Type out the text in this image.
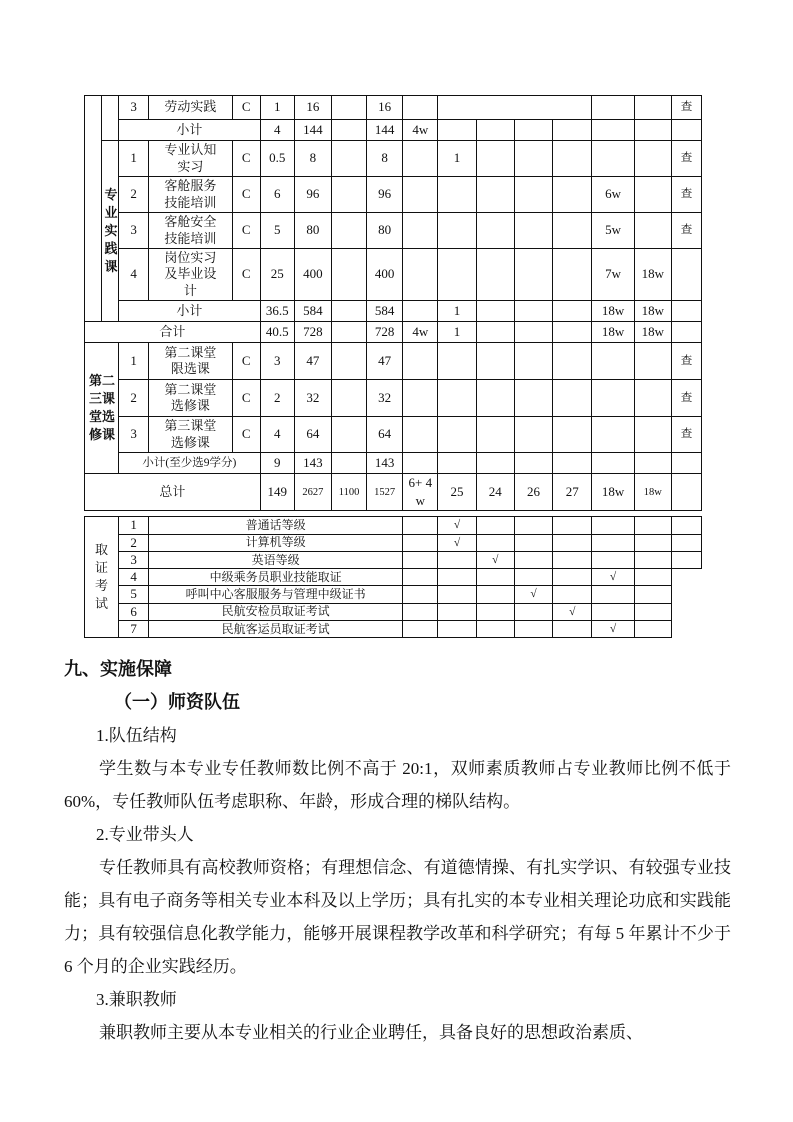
		3	劳动实践	C	1	16		16								查
		小计			4	144		144	4w							
	专业实践课	1	专业认知实习	C	0.5	8		8		1						查
		2	客舱服务技能培训	C	6	96		96						6w		查
		3	客舱安全技能培训	C	5	80		80						5w		查
		4	岗位实习及毕业设计	C	25	400		400						7w	18w	
		小计			36.5	584		584		1				18w	18w	
合计					40.5	728		728	4w	1				18w	18w	
第二三课堂选修课		1	第二课堂限选课	C	3	47		47								查
		2	第二课堂选修课	C	2	32		32								查
		3	第三课堂选修课	C	4	64		64								查
		小计(至少选9学分)			9	143		143								
总计					149	2627	1100	1527	6+ 4w	25	24	26	27	18w	18w	
取证考试	1	普通话等级		√						
	2	计算机等级		√						
	3	英语等级			√					
	4	中级乘务员职业技能取证						√		
	5	呼叫中心客服服务与管理中级证书				√				
	6	民航安检员取证考试					√			
	7	民航客运员取证考试						√		
九、实施保障
（一）师资队伍

1.队伍结构

学生数与本专业专任教师数比例不高于 20:1，双师素质教师占专业教师比例不低于 60%，专任教师队伍考虑职称、年龄，形成合理的梯队结构。

2.专业带头人

专任教师具有高校教师资格；有理想信念、有道德情操、有扎实学识、有较强专业技能；具有电子商务等相关专业本科及以上学历；具有扎实的本专业相关理论功底和实践能力；具有较强信息化教学能力，能够开展课程教学改革和科学研究；有每 5 年累计不少于 6 个月的企业实践经历。

3.兼职教师

兼职教师主要从本专业相关的行业企业聘任，具备良好的思想政治素质、
